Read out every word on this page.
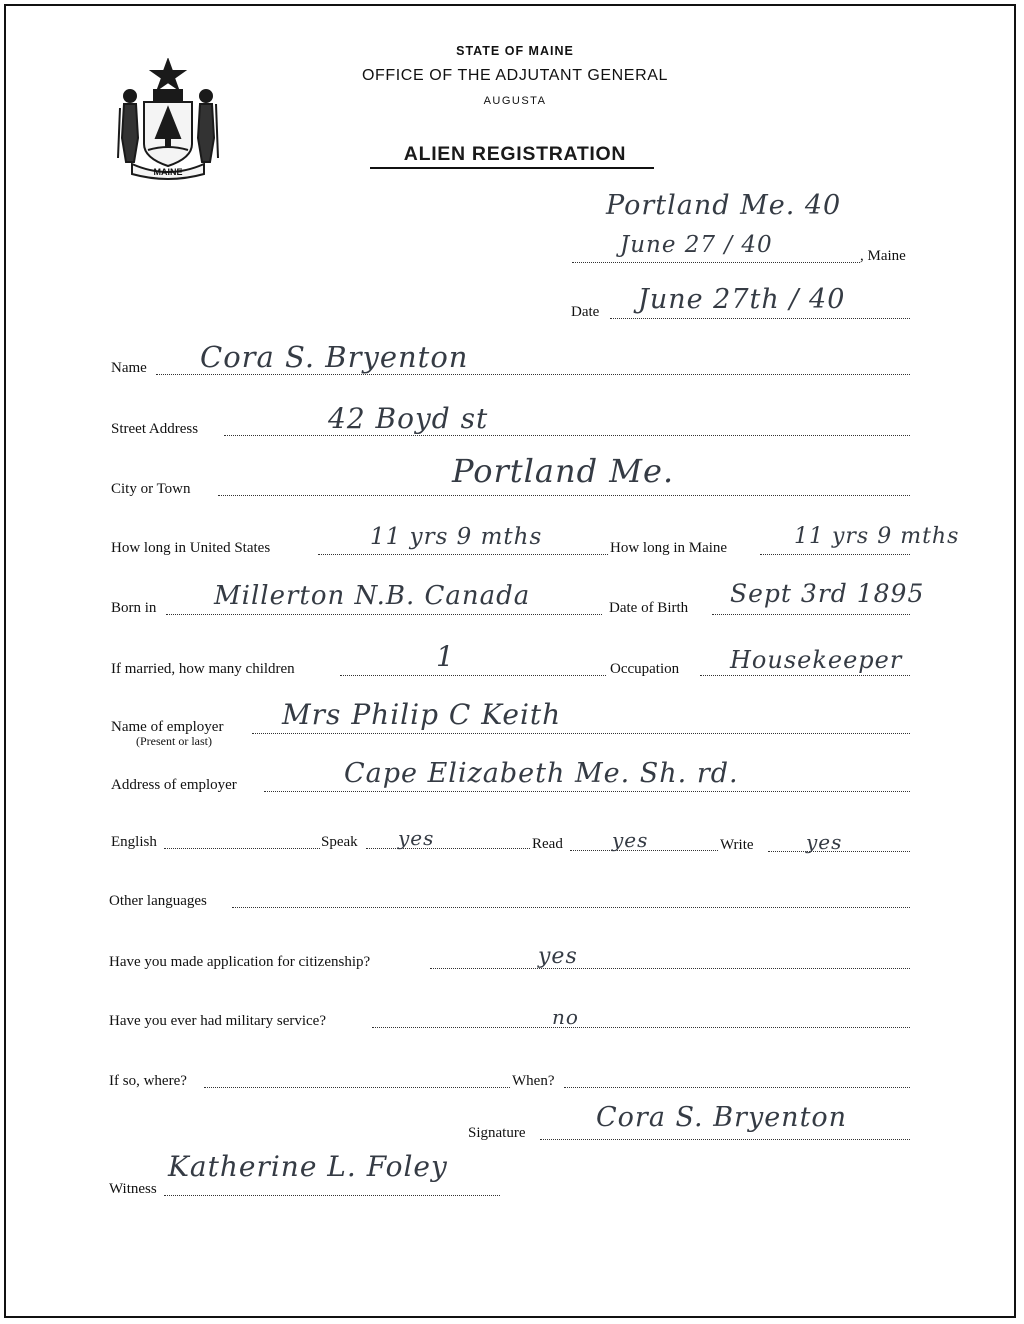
MAINE
STATE OF MAINE
OFFICE OF THE ADJUTANT GENERAL
AUGUSTA
ALIEN REGISTRATION
Portland Me. 40
June 27 / 40	, Maine
Date June 27th / 40
Name Cora S. Bryenton
Street Address	42 Boyd st
City or Town	Portland Me.
How long in United States	11 yrs 9 mths	How long in Maine	11 yrs 9 mths
Born in Millerton N.B. Canada	Date of Birth Sept 3rd 1895
If married, how many children	1	Occupation Housekeeper
Name of employer
(Present or last)
Mrs Philip C Keith
Address of employer	Cape Elizabeth Me. Sh. rd.
English	Speak yes	Read yes	Write	yes
Other languages
Have you made application for citizenship?	yes
Have you ever had military service?	no
If so, where?	When?
Signature	Cora S. Bryenton
Witness
Katherine L. Foley
